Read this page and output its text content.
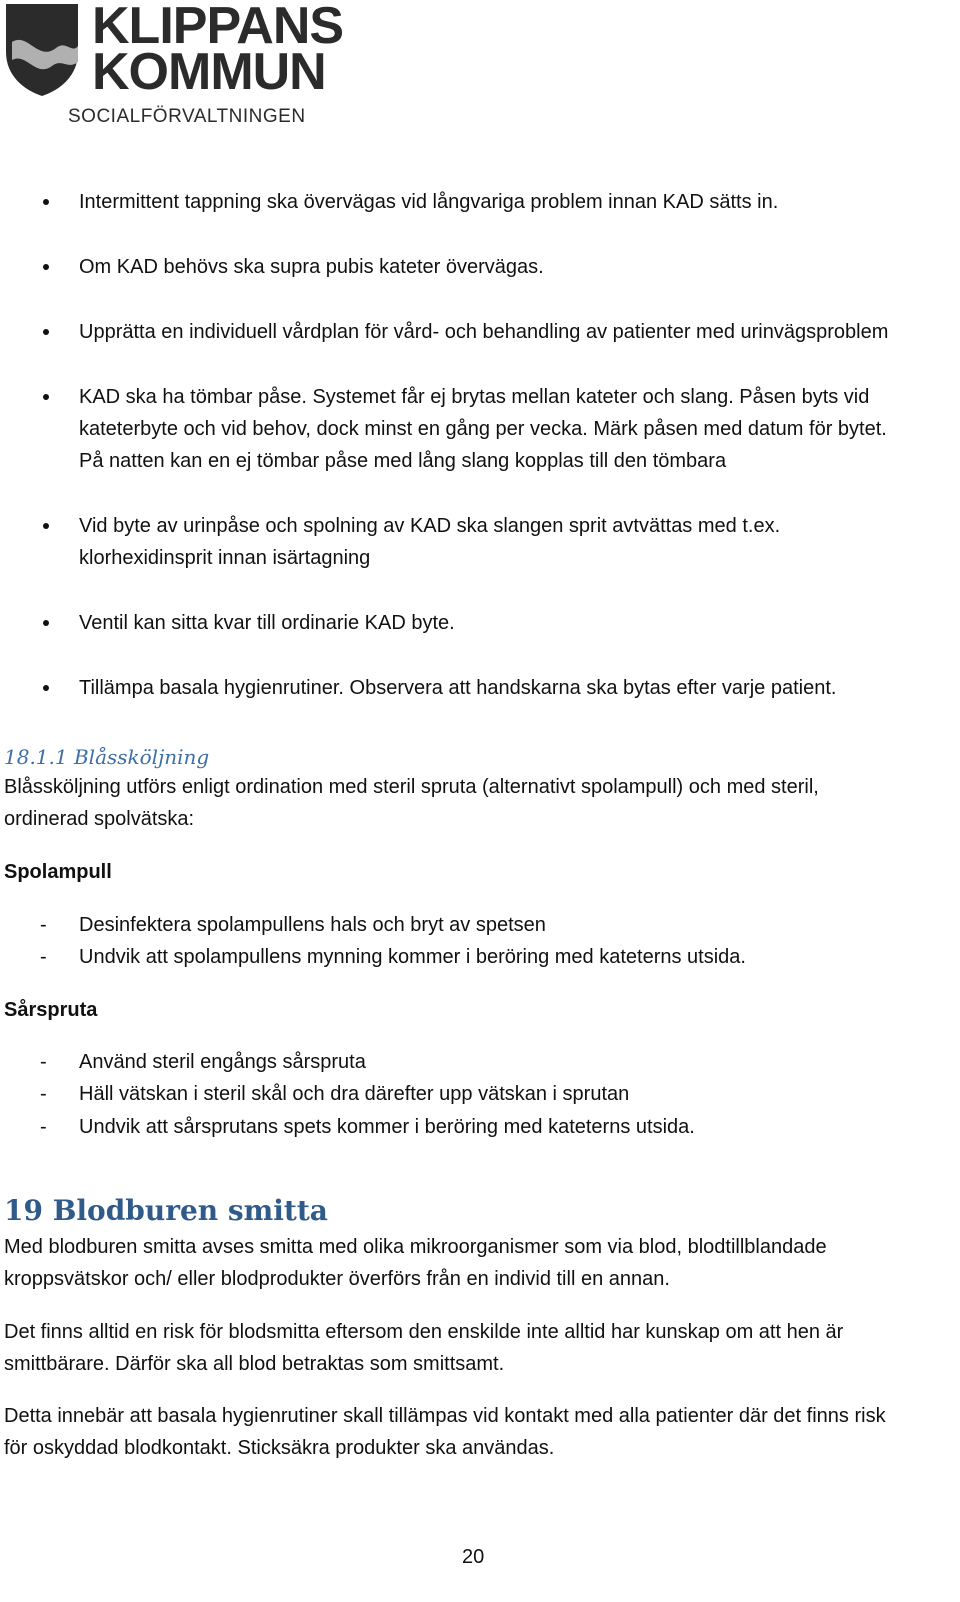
KLIPPANS
KOMMUN
SOCIALFÖRVALTNINGEN
Intermittent tappning ska övervägas vid långvariga problem innan KAD sätts in.
Om KAD behövs ska supra pubis kateter övervägas.
Upprätta en individuell vårdplan för vård- och behandling av patienter med urinvägsproblem
KAD ska ha tömbar påse. Systemet får ej brytas mellan kateter och slang. Påsen byts vid
kateterbyte och vid behov, dock minst en gång per vecka. Märk påsen med datum för bytet.
På natten kan en ej tömbar påse med lång slang kopplas till den tömbara
Vid byte av urinpåse och spolning av KAD ska slangen sprit avtvättas med t.ex.
klorhexidinsprit innan isärtagning
Ventil kan sitta kvar till ordinarie KAD byte.
Tillämpa basala hygienrutiner. Observera att handskarna ska bytas efter varje patient.
18.1.1 Blåssköljning
Blåssköljning utförs enligt ordination med steril spruta (alternativt spolampull) och med steril,
ordinerad spolvätska:
Spolampull
- Desinfektera spolampullens hals och bryt av spetsen
- Undvik att spolampullens mynning kommer i beröring med kateterns utsida.
Sårspruta
- Använd steril engångs sårspruta
- Häll vätskan i steril skål och dra därefter upp vätskan i sprutan
- Undvik att sårsprutans spets kommer i beröring med kateterns utsida.
19 Blodburen smitta
Med blodburen smitta avses smitta med olika mikroorganismer som via blod, blodtillblandade
kroppsvätskor och/ eller blodprodukter överförs från en individ till en annan.
Det finns alltid en risk för blodsmitta eftersom den enskilde inte alltid har kunskap om att hen är
smittbärare. Därför ska all blod betraktas som smittsamt.
Detta innebär att basala hygienrutiner skall tillämpas vid kontakt med alla patienter där det finns risk
för oskyddad blodkontakt. Sticksäkra produkter ska användas.
20
